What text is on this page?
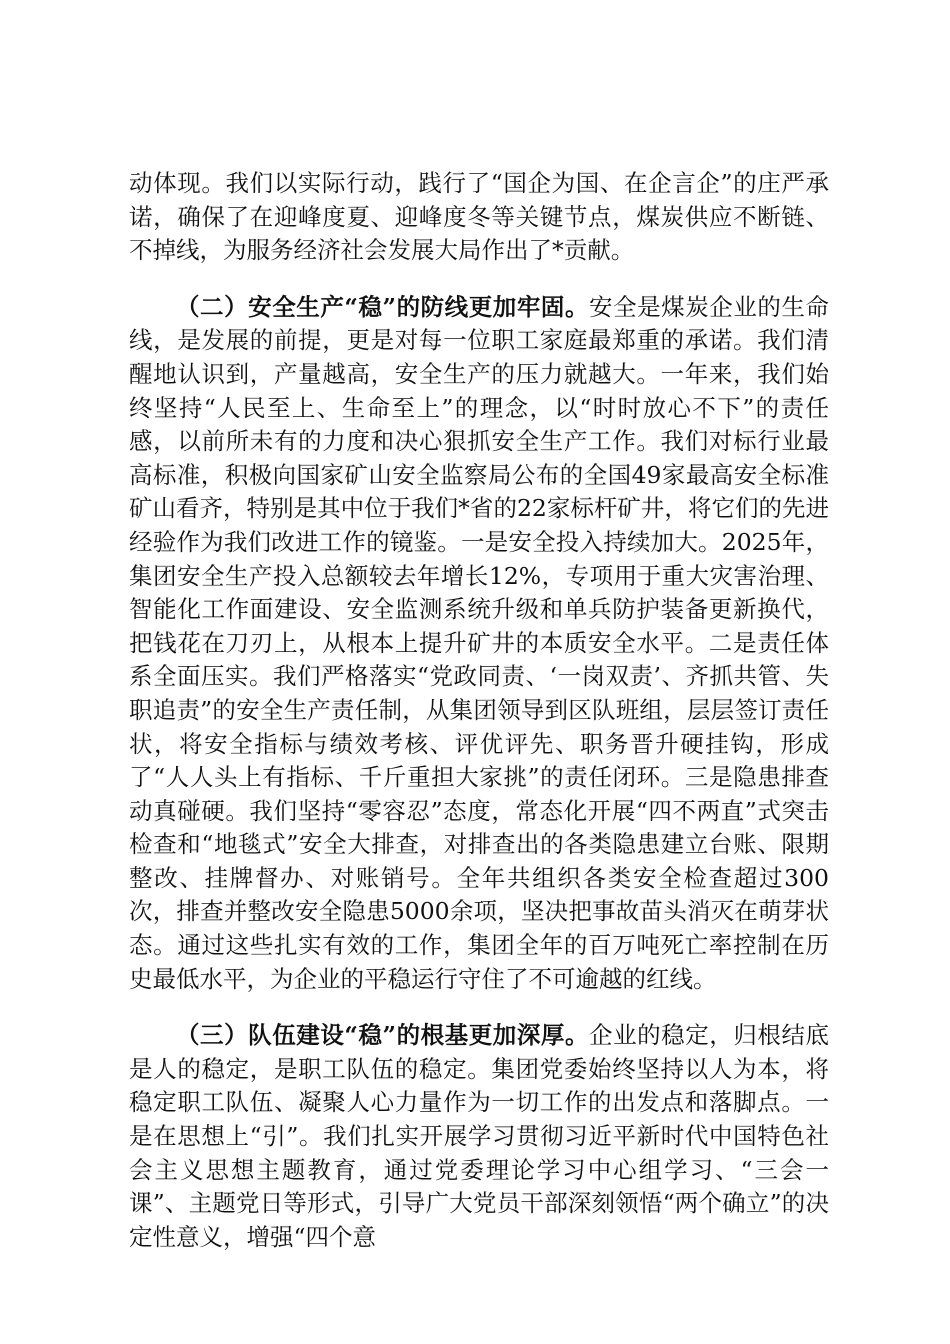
动体现。我们以实际行动，践行了“国企为国、在企言企”的庄严承诺，确保了在迎峰度夏、迎峰度冬等关键节点，煤炭供应不断链、不掉线，为服务经济社会发展大局作出了*贡献。

（二）安全生产“稳”的防线更加牢固。安全是煤炭企业的生命线，是发展的前提，更是对每一位职工家庭最郑重的承诺。我们清醒地认识到，产量越高，安全生产的压力就越大。一年来，我们始终坚持“人民至上、生命至上”的理念，以“时时放心不下”的责任感，以前所未有的力度和决心狠抓安全生产工作。我们对标行业最高标准，积极向国家矿山安全监察局公布的全国49家最高安全标准矿山看齐，特别是其中位于我们*省的22家标杆矿井，将它们的先进经验作为我们改进工作的镜鉴。一是安全投入持续加大。2025年，集团安全生产投入总额较去年增长12%，专项用于重大灾害治理、智能化工作面建设、安全监测系统升级和单兵防护装备更新换代，把钱花在刀刃上，从根本上提升矿井的本质安全水平。二是责任体系全面压实。我们严格落实“党政同责、‘一岗双责’、齐抓共管、失职追责”的安全生产责任制，从集团领导到区队班组，层层签订责任状，将安全指标与绩效考核、评优评先、职务晋升硬挂钩，形成了“人人头上有指标、千斤重担大家挑”的责任闭环。三是隐患排查动真碰硬。我们坚持“零容忍”态度，常态化开展“四不两直”式突击检查和“地毯式”安全大排查，对排查出的各类隐患建立台账、限期整改、挂牌督办、对账销号。全年共组织各类安全检查超过300次，排查并整改安全隐患5000余项，坚决把事故苗头消灭在萌芽状态。通过这些扎实有效的工作，集团全年的百万吨死亡率控制在历史最低水平，为企业的平稳运行守住了不可逾越的红线。

（三）队伍建设“稳”的根基更加深厚。企业的稳定，归根结底是人的稳定，是职工队伍的稳定。集团党委始终坚持以人为本，将稳定职工队伍、凝聚人心力量作为一切工作的出发点和落脚点。一是在思想上“引”。我们扎实开展学习贯彻习近平新时代中国特色社会主义思想主题教育，通过党委理论学习中心组学习、“三会一课”、主题党日等形式，引导广大党员干部深刻领悟“两个确立”的决定性意义，增强“四个意
